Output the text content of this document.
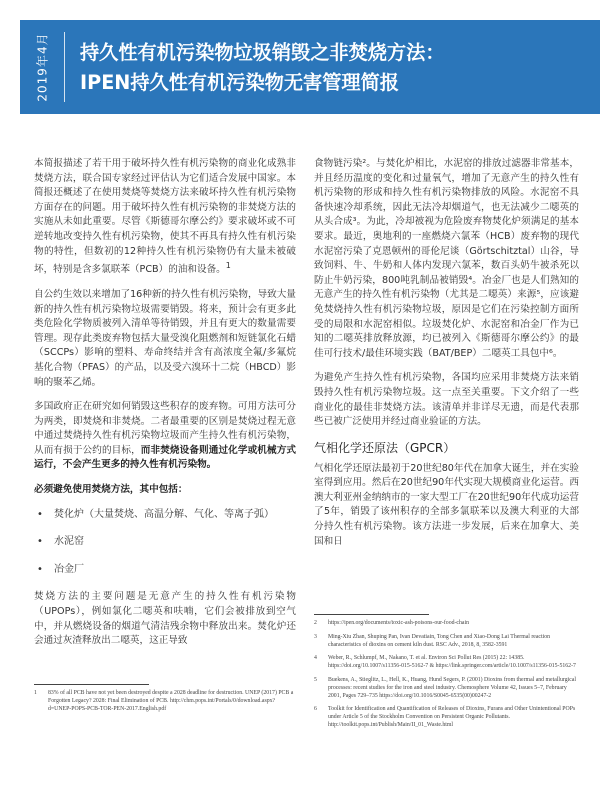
2019年4月 持久性有机污染物垃圾销毁之非焚烧方法：
IPEN持久性有机污染物无害管理简报

本简报描述了若干用于破坏持久性有机污染物的商业化成熟非焚烧方法，联合国专家经过评估认为它们适合发展中国家。本简报还概述了在使用焚烧等焚烧方法来破坏持久性有机污染物方面存在的问题。用于破坏持久性有机污染物的非焚烧方法的实施从未如此重要。尽管《斯德哥尔摩公约》要求破坏或不可逆转地改变持久性有机污染物，使其不再具有持久性有机污染物的特性，但数初的12种持久性有机污染物仍有大量未被破坏，特别是含多氯联苯（PCB）的油和设备。$^1$

自公约生效以来增加了16种新的持久性有机污染物，导致大量新的持久性有机污染物垃圾需要销毁。将来，预计会有更多此类危险化学物质被列入清单等待销毁，并且有更大的数量需要管理。现存此类废弃物包括大量受溴化阻燃剂和短链氯化石蜡（SCCPs）影响的塑料、寿命终结并含有高浓度全氟/多氟烷基化合物（PFAS）的产品，以及受六溴环十二烷（HBCD）影响的聚苯乙烯。

多国政府正在研究如何销毁这些积存的废弃物。可用方法可分为两类，即焚烧和非焚烧。二者最重要的区别是焚烧过程无意中通过焚烧持久性有机污染物垃圾而产生持久性有机污染物，从而有损于公约的目标，而非焚烧设备则通过化学或机械方式运行，不会产生更多的持久性有机污染物。

必须避免使用焚烧方法，其中包括：

• 焚化炉（大量焚烧、高温分解、气化、等离子弧）
• 水泥窑
• 冶金厂

焚烧方法的主要问题是无意产生的持久性有机污染物（UPOPs），例如氯化二噁英和呋喃，它们会被排放到空气中，并从燃烧设备的烟道气清洁残余物中释放出来。焚化炉还会通过灰渣释放出二噁英，这正导致

食物链污染²。与焚化炉相比，水泥窑的排放过滤器非常基本，并且经历温度的变化和过量氧气，增加了无意产生的持久性有机污染物的形成和持久性有机污染物排放的风险。水泥窑不具备快速冷却系统，因此无法冷却烟道气，也无法减少二噁英的从头合成³。为此，冷却被视为危险废弃物焚化炉须满足的基本要求。最近，奥地利的一座燃烧六氯苯（HCB）废弃物的现代水泥窑污染了克恩顿州的哥伦尼谈（Görtschitztal）山谷，导致饲料、牛、牛奶和人体内发现六氯苯，数百头奶牛被杀死以防止牛奶污染，800吨乳制品被销毁⁴。冶金厂也是人们熟知的无意产生的持久性有机污染物（尤其是二噁英）来源⁵，应该避免焚烧持久性有机污染物垃圾，原因是它们在污染控制方面所受的局限和水泥窑相似。垃圾焚化炉、水泥窑和冶金厂作为已知的二噁英排放释放源，均已被列入《斯德哥尔摩公约》的最佳可行技术/最佳环境实践（BAT/BEP）二噁英工具包中⁶。

为避免产生持久性有机污染物，各国均应采用非焚烧方法来销毁持久性有机污染物垃圾。这一点至关重要。下文介绍了一些商业化的最佳非焚烧方法。该清单并非详尽无遗，而是代表那些已被广泛使用并经过商业验证的方法。

气相化学还原法（GPCR）

气相化学还原法最初于20世纪80年代在加拿大诞生，并在实验室得到应用。然后在20世纪90年代实现大规模商业化运营。西澳大利亚州金纳纳市的一家大型工厂在20世纪90年代成功运营了5年，销毁了该州积存的全部多氯联苯以及澳大利亚的大部分持久性有机污染物。该方法进一步发展，后来在加拿大、美国和日

1 83% of all PCB have not yet been destroyed despite a 2028 deadline for destruction. UNEP (2017) PCB a Forgotten Legacy? 2028: Final Elimination of PCB. http://chm.pops.int/Portals/0/download.aspx?d=UNEP-POPS-PCB-TOR-PEN-2017.English.pdf
2 https://ipen.org/documents/toxic-ash-poisons-our-food-chain
3 Ming-Xiu Zhan, Shuping Pan, Ivan Devatiain, Tong Chen and Xiao-Dong Lai Thermal reaction characteristics of dioxins on cement kiln dust. RSC Adv., 2018, 8, 3582-3591
4 Weber, R., Schlumpf, M., Nakano, T. et al. Environ Sci Pollut Res (2015) 22: 14385. https://doi.org/10.1007/s11356-015-5162-7 & https://link.springer.com/article/10.1007/s11356-015-5162-7
5 Buekens, A., Stieglitz, L., Hell, K., Huang, Hund Segers, P. (2001) Dioxins from thermal and metallurgical processes: recent studies for the iron and steel industry. Chemosphere Volume 42, Issues 5–7, February 2001, Pages 729–735 https://doi.org/10.1016/S0045-6535(00)00247-2
6 Toolkit for Identification and Quantification of Releases of Dioxins, Furans and Other Unintentional POPs under Article 5 of the Stockholm Convention on Persistent Organic Pollutants. http://toolkit.pops.int/Publish/Main/II_01_Waste.html
